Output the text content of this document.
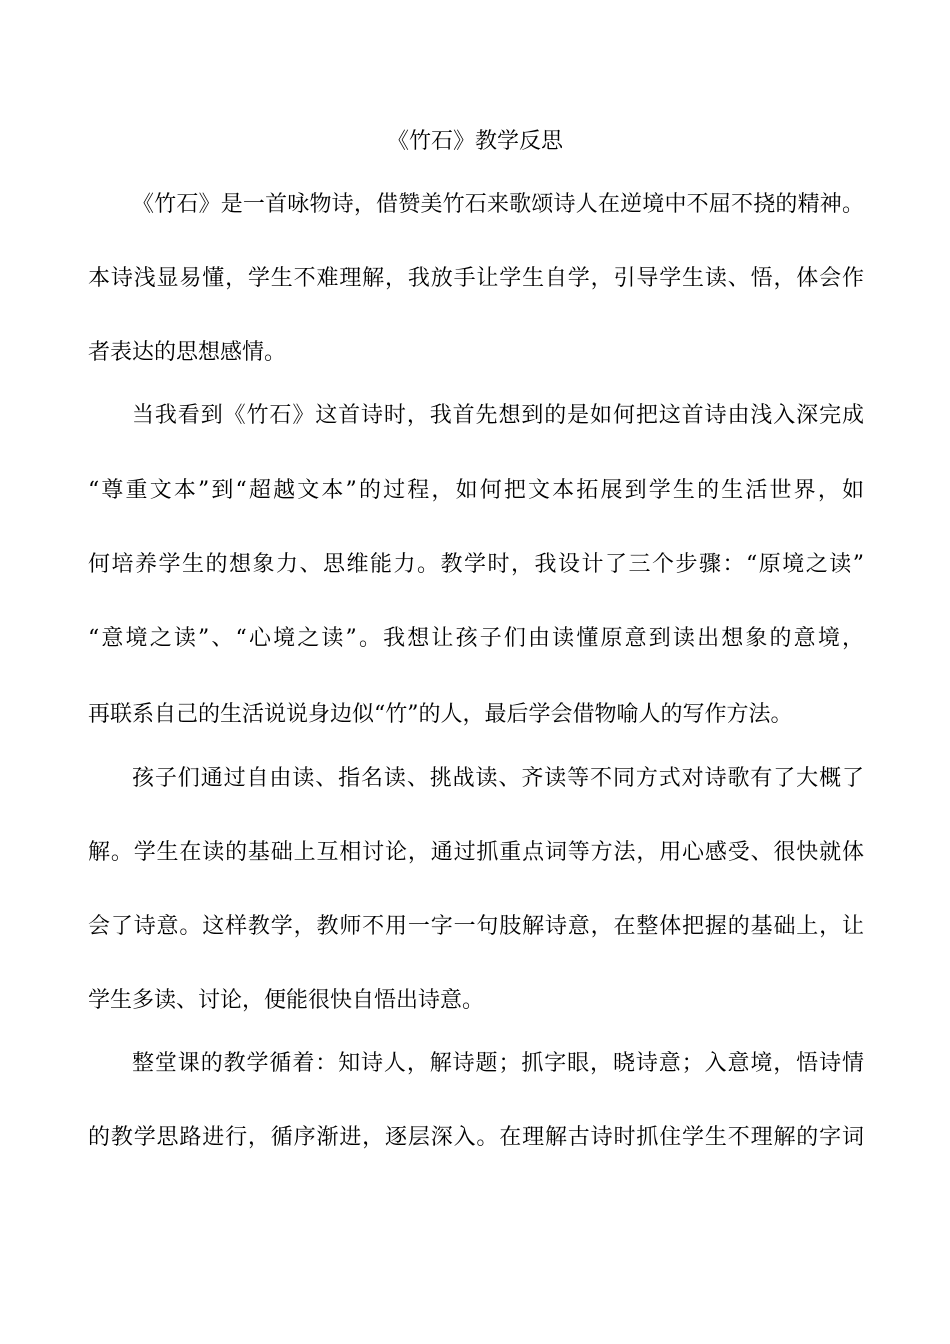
《竹石》教学反思
《竹石》是一首咏物诗，借赞美竹石来歌颂诗人在逆境中不屈不挠的精神。
本诗浅显易懂，学生不难理解，我放手让学生自学，引导学生读、悟，体会作
者表达的思想感情。
当我看到《竹石》这首诗时，我首先想到的是如何把这首诗由浅入深完成
“尊重文本”到“超越文本”的过程，如何把文本拓展到学生的生活世界，如
何培养学生的想象力、思维能力。教学时，我设计了三个步骤：“原境之读”
“意境之读”、“心境之读”。我想让孩子们由读懂原意到读出想象的意境，
再联系自己的生活说说身边似“竹”的人，最后学会借物喻人的写作方法。
孩子们通过自由读、指名读、挑战读、齐读等不同方式对诗歌有了大概了
解。学生在读的基础上互相讨论，通过抓重点词等方法，用心感受、很快就体
会了诗意。这样教学，教师不用一字一句肢解诗意，在整体把握的基础上，让
学生多读、讨论，便能很快自悟出诗意。
整堂课的教学循着：知诗人，解诗题；抓字眼，晓诗意；入意境，悟诗情
的教学思路进行，循序渐进，逐层深入。在理解古诗时抓住学生不理解的字词
